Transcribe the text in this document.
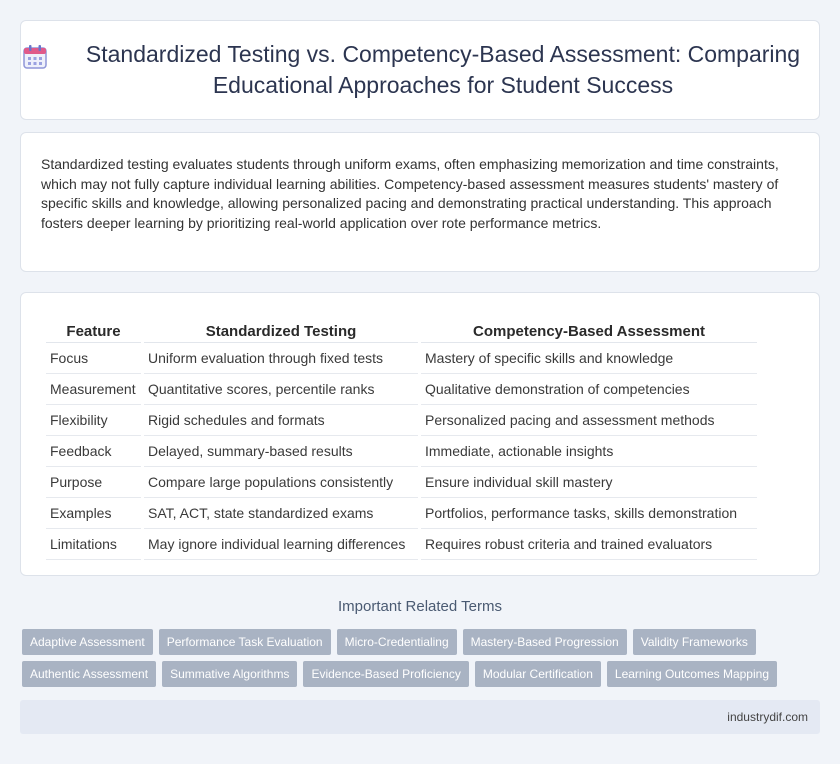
Standardized Testing vs. Competency-Based Assessment: Comparing Educational Approaches for Student Success

Standardized testing evaluates students through uniform exams, often emphasizing memorization and time constraints, which may not fully capture individual learning abilities. Competency-based assessment measures students' mastery of specific skills and knowledge, allowing personalized pacing and demonstrating practical understanding. This approach fosters deeper learning by prioritizing real-world application over rote performance metrics.

Feature	Standardized Testing	Competency-Based Assessment
Focus	Uniform evaluation through fixed tests	Mastery of specific skills and knowledge
Measurement	Quantitative scores, percentile ranks	Qualitative demonstration of competencies
Flexibility	Rigid schedules and formats	Personalized pacing and assessment methods
Feedback	Delayed, summary-based results	Immediate, actionable insights
Purpose	Compare large populations consistently	Ensure individual skill mastery
Examples	SAT, ACT, state standardized exams	Portfolios, performance tasks, skills demonstration
Limitations	May ignore individual learning differences	Requires robust criteria and trained evaluators
Important Related Terms
Adaptive Assessment	Performance Task Evaluation	Micro-Credentialing	Mastery-Based Progression	Validity Frameworks
Authentic Assessment	Summative Algorithms	Evidence-Based Proficiency	Modular Certification	Learning Outcomes Mapping
industrydif.com
